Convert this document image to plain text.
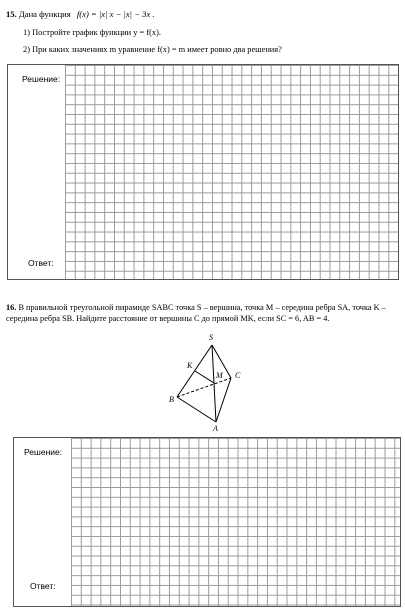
15. Дана функция f(x) = |x| x − |x| − 3x .
1) Постройте график функции y = f(x).
2) При каких значениях m уравнение f(x) = m имеет ровно два решения?
Решение:
Ответ:
16. В правильной треугольной пирамиде SABC точка S – вершина, точка M – середина ребра SA, точка K –
середина ребра SB. Найдите расстояние от вершины C до прямой MK, если SC = 6, AB = 4.
S
K
M C
B
A
Решение:
Ответ:
